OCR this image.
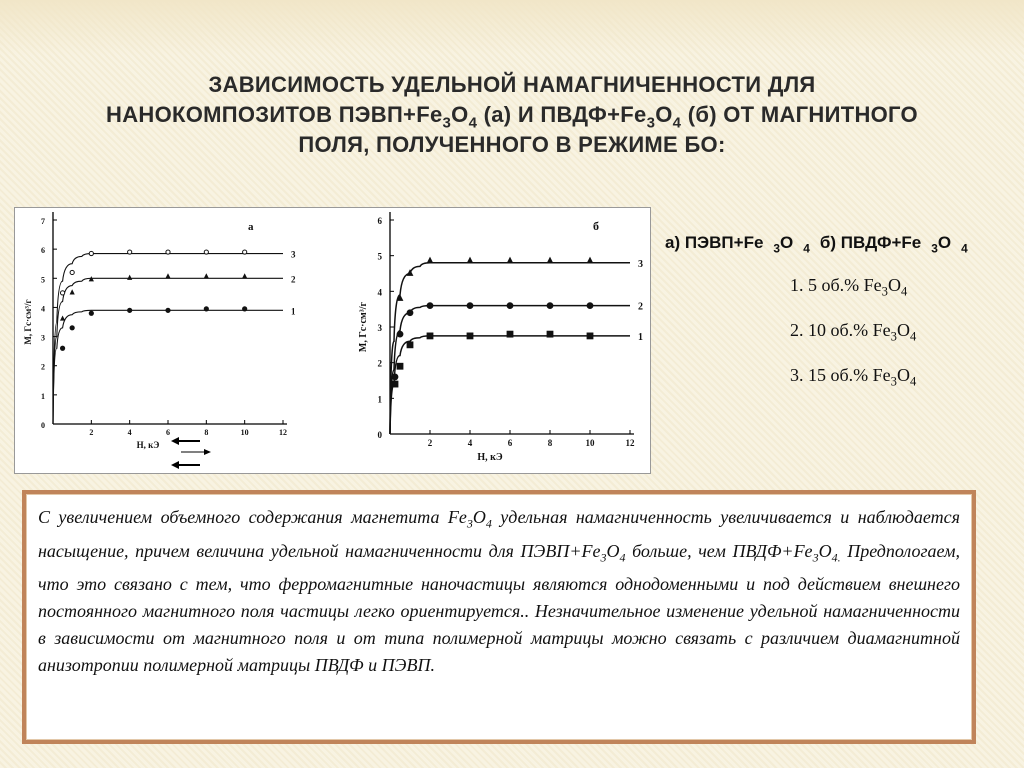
ЗАВИСИМОСТЬ УДЕЛЬНОЙ НАМАГНИЧЕННОСТИ ДЛЯ
НАНОКОМПОЗИТОВ $ПЭВП+Fe_3O_4$ (а) И $ПВДФ+Fe_3O_4$ (б) ОТ МАГНИТНОГО
ПОЛЯ, ПОЛУЧЕННОГО В РЕЖИМЕ БО:
0
1
2
3
4
5
6
7
2	4	6	8	10	12
H, кЭ
M, Гс·см³/г
а
1
2
3
0
1
2
3
4
5
6
2	4	6	8	10	12
H, кЭ
M, Гс·см³/г
б
1
2
3
а) ПЭВП+Fe $_3$O $_4$ б) ПВДФ+Fe $_3$O $_4$
1. 5 об.% $Fe_3O_4$
2. 10 об.% $Fe_3O_4$
3. 15 об.% $Fe_3O_4$
С увеличением объемного содержания магнетита $Fe_3O_4$ удельная намагниченность увеличивается и наблюдается насыщение, причем величина удельной намагниченности для $ПЭВП+Fe_3O_4$ больше, чем $ПВДФ+Fe_3O_{4.}$ Предпологаем, что это связано с тем, что ферромагнитные наночастицы являются однодоменными и под действием внешнего постоянного магнитного поля частицы легко ориентируется.. Незначительное изменение удельной намагниченности в зависимости от магнитного поля и от типа полимерной матрицы можно связать с различием диамагнитной анизотропии полимерной матрицы ПВДФ и ПЭВП.
